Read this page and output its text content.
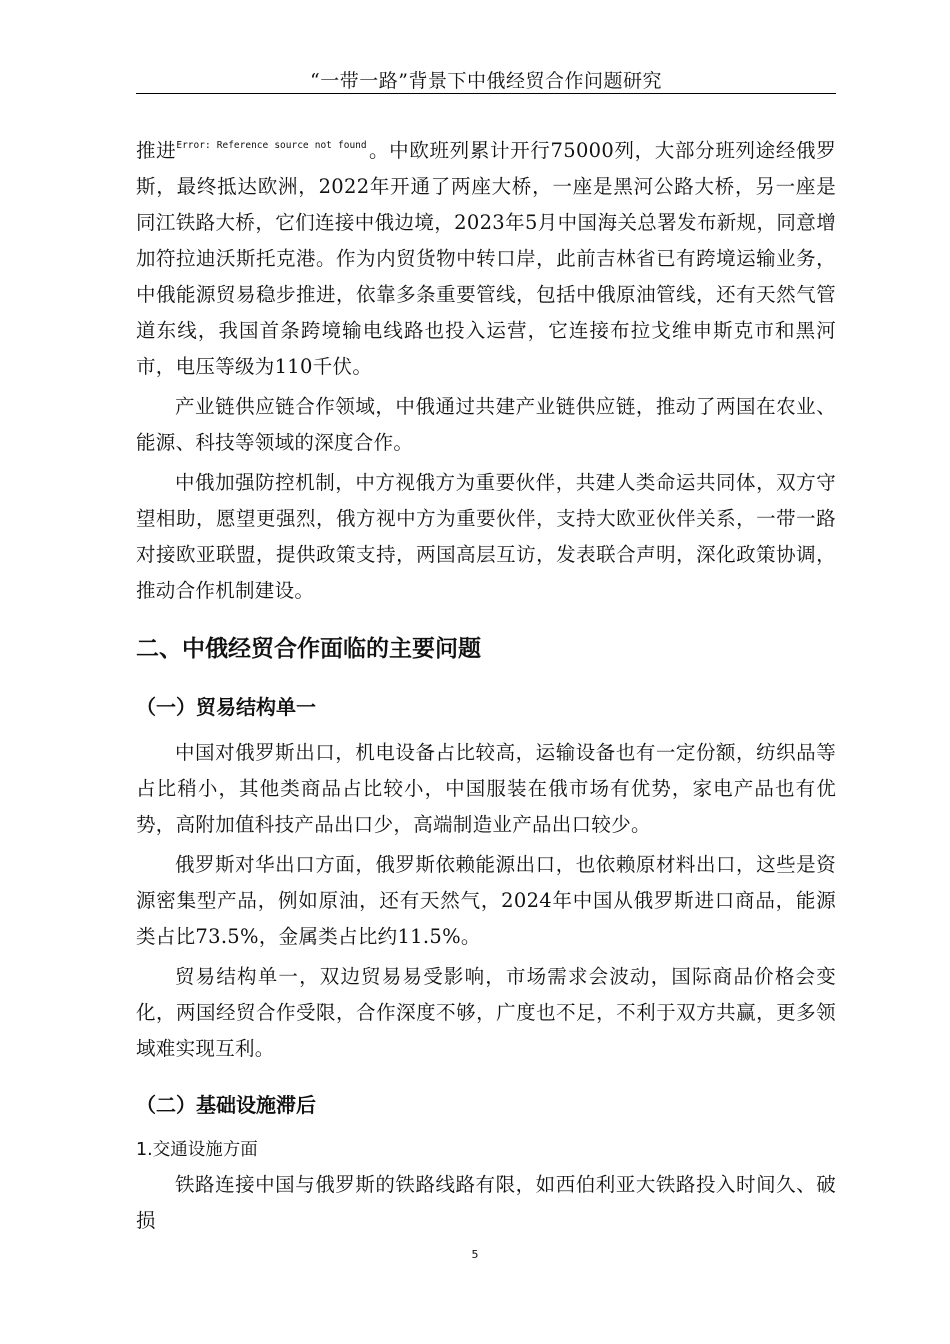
“一带一路”背景下中俄经贸合作问题研究

推进$^{Error: Reference source not found}$ 。中欧班列累计开行75000列，大部分班列途经俄罗斯，最终抵达欧洲，2022年开通了两座大桥，一座是黑河公路大桥，另一座是同江铁路大桥，它们连接中俄边境，2023年5月中国海关总署发布新规，同意增加符拉迪沃斯托克港。作为内贸货物中转口岸，此前吉林省已有跨境运输业务，中俄能源贸易稳步推进，依靠多条重要管线，包括中俄原油管线，还有天然气管道东线，我国首条跨境输电线路也投入运营，它连接布拉戈维申斯克市和黑河市，电压等级为110千伏。

产业链供应链合作领域，中俄通过共建产业链供应链，推动了两国在农业、能源、科技等领域的深度合作。

中俄加强防控机制，中方视俄方为重要伙伴，共建人类命运共同体，双方守望相助，愿望更强烈，俄方视中方为重要伙伴，支持大欧亚伙伴关系，一带一路对接欧亚联盟，提供政策支持，两国高层互访，发表联合声明，深化政策协调，推动合作机制建设。

二、中俄经贸合作面临的主要问题
（一）贸易结构单一

中国对俄罗斯出口，机电设备占比较高，运输设备也有一定份额，纺织品等占比稍小，其他类商品占比较小，中国服装在俄市场有优势，家电产品也有优势，高附加值科技产品出口少，高端制造业产品出口较少。

俄罗斯对华出口方面，俄罗斯依赖能源出口，也依赖原材料出口，这些是资源密集型产品，例如原油，还有天然气，2024年中国从俄罗斯进口商品，能源类占比73.5%，金属类占比约11.5%。

贸易结构单一，双边贸易易受影响，市场需求会波动，国际商品价格会变化，两国经贸合作受限，合作深度不够，广度也不足，不利于双方共赢，更多领域难实现互利。

（二）基础设施滞后
1.交通设施方面

铁路连接中国与俄罗斯的铁路线路有限，如西伯利亚大铁路投入时间久、破损

5
